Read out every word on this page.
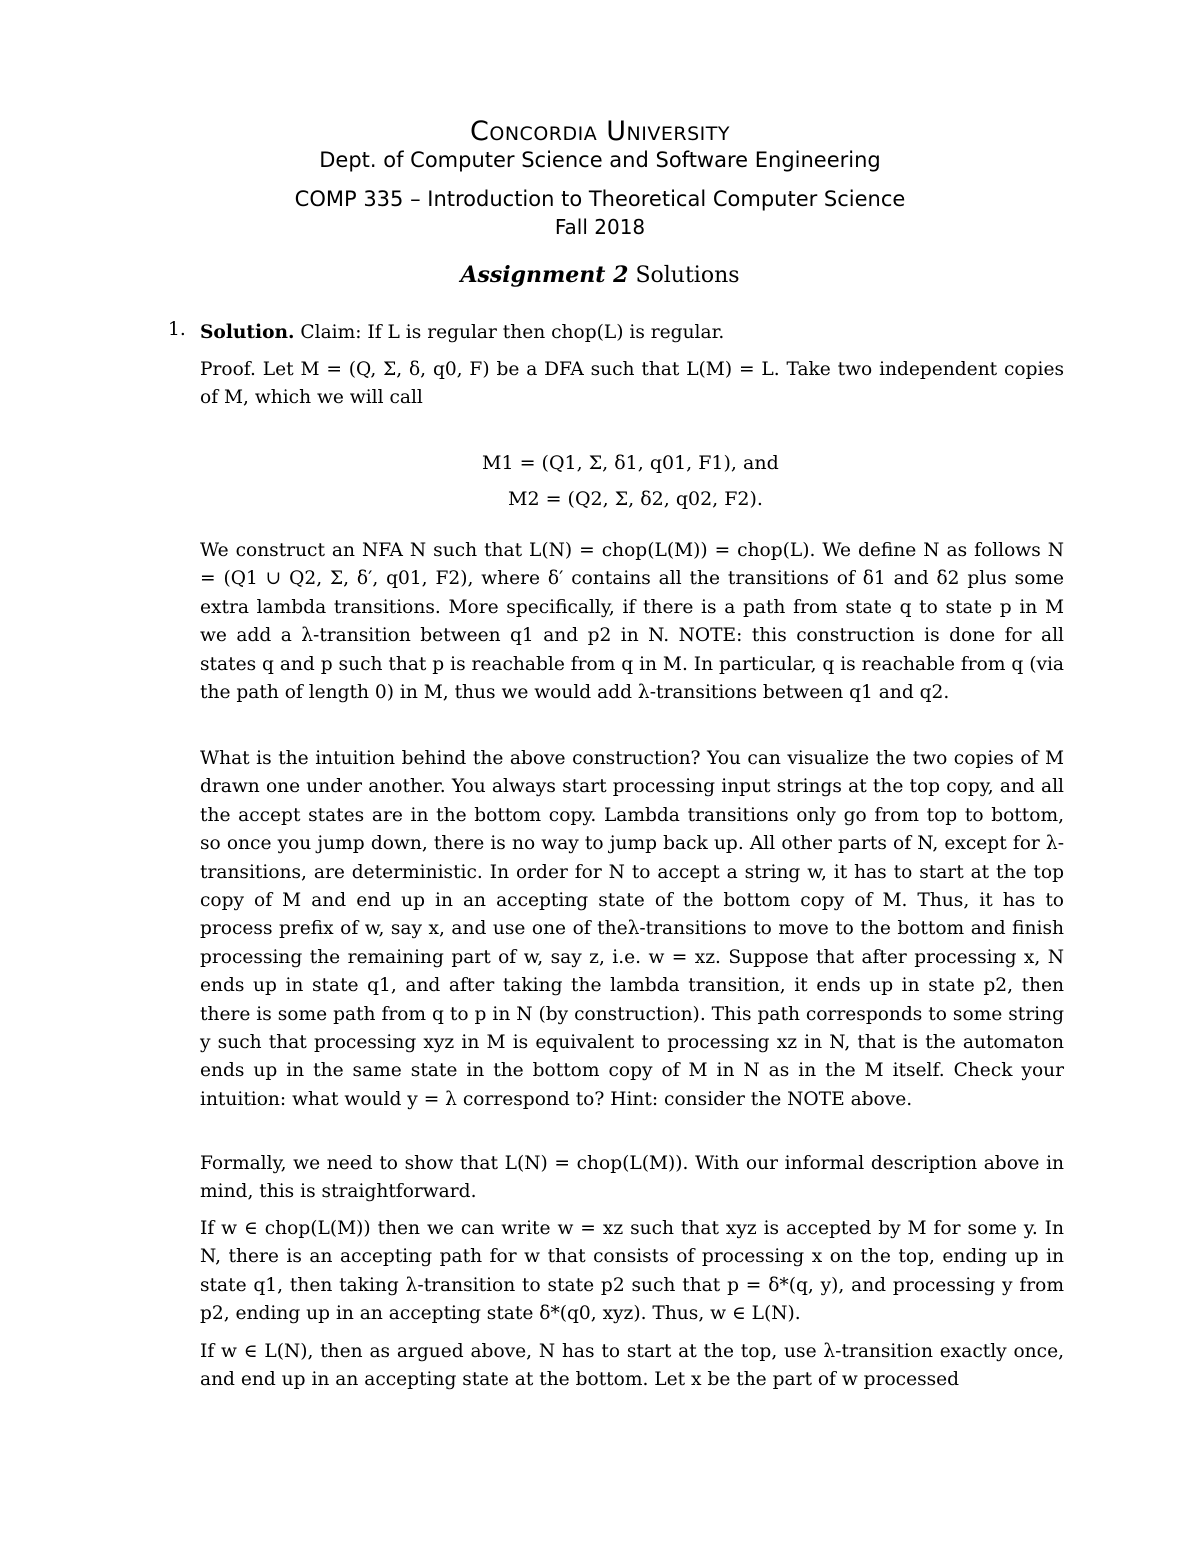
Concordia University
Dept. of Computer Science and Software Engineering
COMP 335 – Introduction to Theoretical Computer Science
Fall 2018
Assignment 2 Solutions
1. Solution. Claim: If L is regular then chop(L) is regular.
Proof. Let M = (Q, Σ, δ, q0, F) be a DFA such that L(M) = L. Take two independent copies of M, which we will call
M1 = (Q1, Σ, δ1, q01, F1), and
M2 = (Q2, Σ, δ2, q02, F2).
We construct an NFA N such that L(N) = chop(L(M)) = chop(L). We define N as follows N = (Q1 ∪ Q2, Σ, δ′, q01, F2), where δ′ contains all the transitions of δ1 and δ2 plus some extra lambda transitions. More specifically, if there is a path from state q to state p in M we add a λ-transition between q1 and p2 in N. NOTE: this construction is done for all states q and p such that p is reachable from q in M. In particular, q is reachable from q (via the path of length 0) in M, thus we would add λ-transitions between q1 and q2.
What is the intuition behind the above construction? You can visualize the two copies of M drawn one under another. You always start processing input strings at the top copy, and all the accept states are in the bottom copy. Lambda transitions only go from top to bottom, so once you jump down, there is no way to jump back up. All other parts of N, except for λ-transitions, are deterministic. In order for N to accept a string w, it has to start at the top copy of M and end up in an accepting state of the bottom copy of M. Thus, it has to process prefix of w, say x, and use one of theλ-transitions to move to the bottom and finish processing the remaining part of w, say z, i.e. w = xz. Suppose that after processing x, N ends up in state q1, and after taking the lambda transition, it ends up in state p2, then there is some path from q to p in N (by construction). This path corresponds to some string y such that processing xyz in M is equivalent to processing xz in N, that is the automaton ends up in the same state in the bottom copy of M in N as in the M itself. Check your intuition: what would y = λ correspond to? Hint: consider the NOTE above.
Formally, we need to show that L(N) = chop(L(M)). With our informal description above in mind, this is straightforward.
If w ∈ chop(L(M)) then we can write w = xz such that xyz is accepted by M for some y. In N, there is an accepting path for w that consists of processing x on the top, ending up in state q1, then taking λ-transition to state p2 such that p = δ*(q, y), and processing y from p2, ending up in an accepting state δ*(q0, xyz). Thus, w ∈ L(N).
If w ∈ L(N), then as argued above, N has to start at the top, use λ-transition exactly once, and end up in an accepting state at the bottom. Let x be the part of w processed
